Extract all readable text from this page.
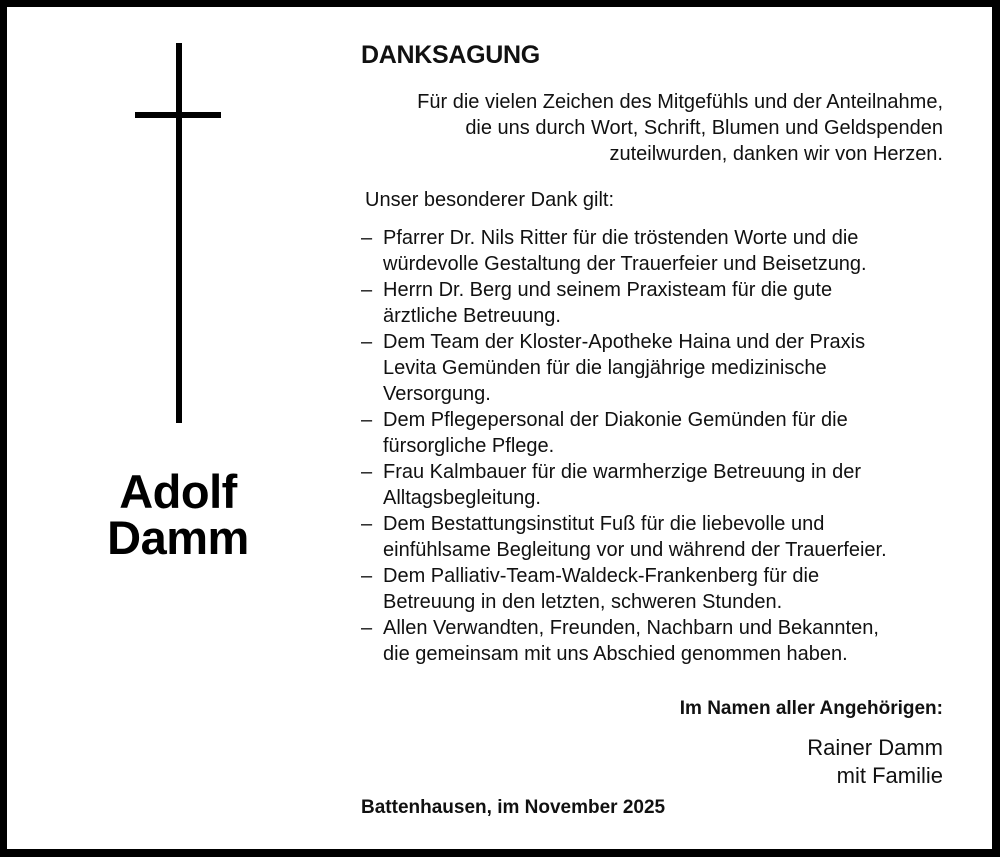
Adolf
Damm
DANKSAGUNG
Für die vielen Zeichen des Mitgefühls und der Anteilnahme,
die uns durch Wort, Schrift, Blumen und Geldspenden
zuteilwurden, danken wir von Herzen.
Unser besonderer Dank gilt:
– Pfarrer Dr. Nils Ritter für die tröstenden Worte und die
würdevolle Gestaltung der Trauerfeier und Beisetzung.
– Herrn Dr. Berg und seinem Praxisteam für die gute
ärztliche Betreuung.
– Dem Team der Kloster-Apotheke Haina und der Praxis
Levita Gemünden für die langjährige medizinische
Versorgung.
– Dem Pflegepersonal der Diakonie Gemünden für die
fürsorgliche Pflege.
– Frau Kalmbauer für die warmherzige Betreuung in der
Alltagsbegleitung.
– Dem Bestattungsinstitut Fuß für die liebevolle und
einfühlsame Begleitung vor und während der Trauerfeier.
– Dem Palliativ-Team-Waldeck-Frankenberg für die
Betreuung in den letzten, schweren Stunden.
– Allen Verwandten, Freunden, Nachbarn und Bekannten,
die gemeinsam mit uns Abschied genommen haben.
Im Namen aller Angehörigen:
Rainer Damm
mit Familie
Battenhausen, im November 2025
